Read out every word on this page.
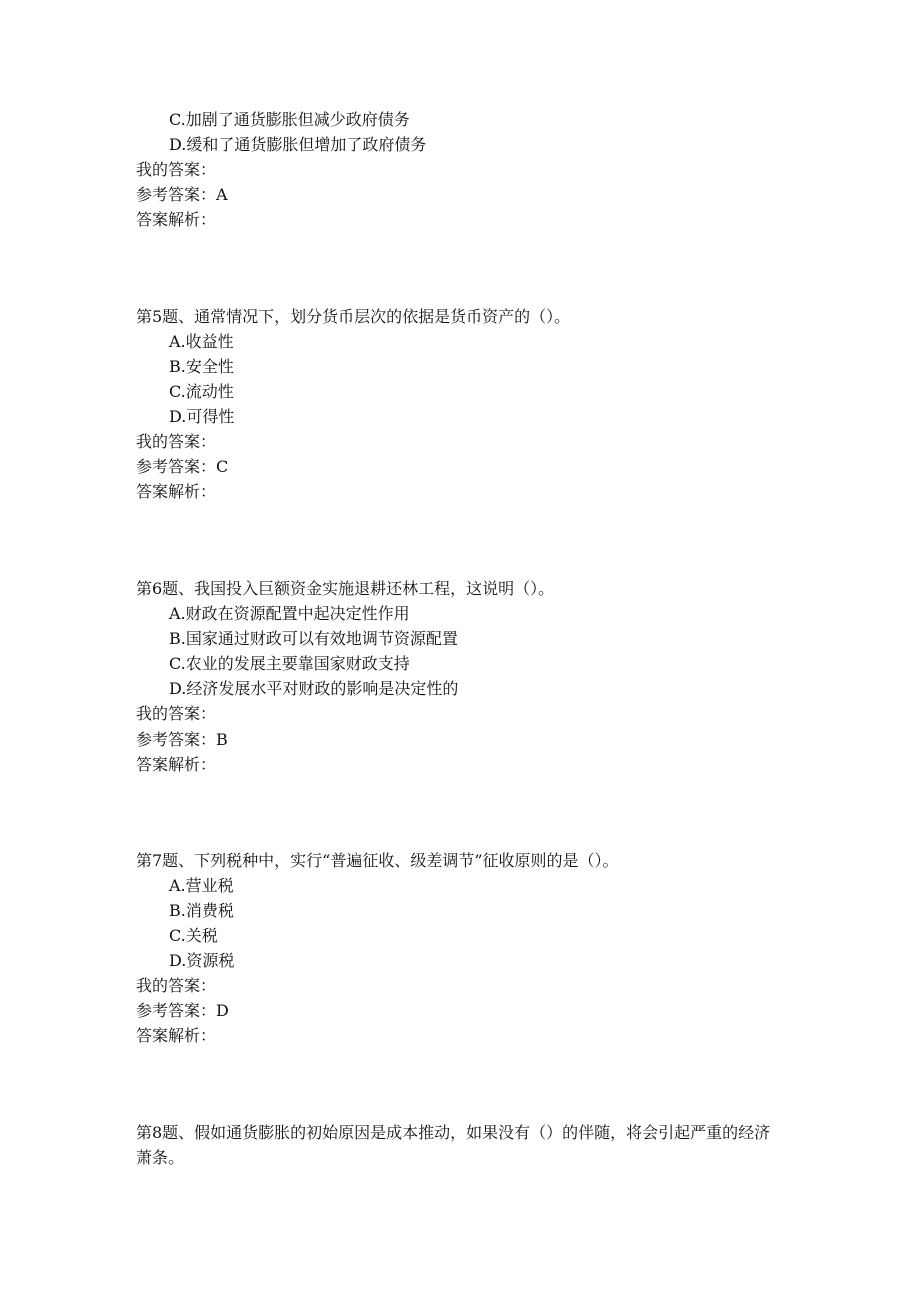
C.加剧了通货膨胀但减少政府债务
D.缓和了通货膨胀但增加了政府债务
我的答案：
参考答案：A
答案解析：
第5题、通常情况下，划分货币层次的依据是货币资产的（）。
A.收益性
B.安全性
C.流动性
D.可得性
我的答案：
参考答案：C
答案解析：
第6题、我国投入巨额资金实施退耕还林工程，这说明（）。
A.财政在资源配置中起决定性作用
B.国家通过财政可以有效地调节资源配置
C.农业的发展主要靠国家财政支持
D.经济发展水平对财政的影响是决定性的
我的答案：
参考答案：B
答案解析：
第7题、下列税种中，实行“普遍征收、级差调节”征收原则的是（）。
A.营业税
B.消费税
C.关税
D.资源税
我的答案：
参考答案：D
答案解析：
第8题、假如通货膨胀的初始原因是成本推动，如果没有（）的伴随，将会引起严重的经济萧条。
